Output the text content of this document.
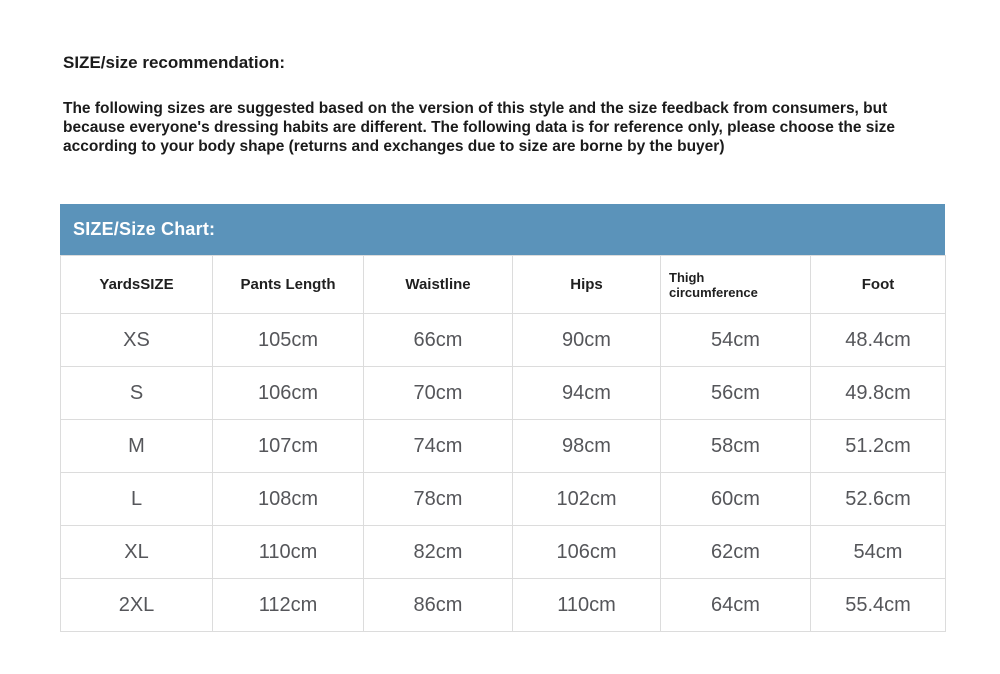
SIZE/size recommendation:
The following sizes are suggested based on the version of this style and the size feedback from consumers, but because everyone's dressing habits are different. The following data is for reference only, please choose the size according to your body shape (returns and exchanges due to size are borne by the buyer)
SIZE/Size Chart:
YardsSIZE	Pants Length	Waistline	Hips	Thigh circumference	Foot
XS	105cm	66cm	90cm	54cm	48.4cm
S	106cm	70cm	94cm	56cm	49.8cm
M	107cm	74cm	98cm	58cm	51.2cm
L	108cm	78cm	102cm	60cm	52.6cm
XL	110cm	82cm	106cm	62cm	54cm
2XL	112cm	86cm	110cm	64cm	55.4cm
